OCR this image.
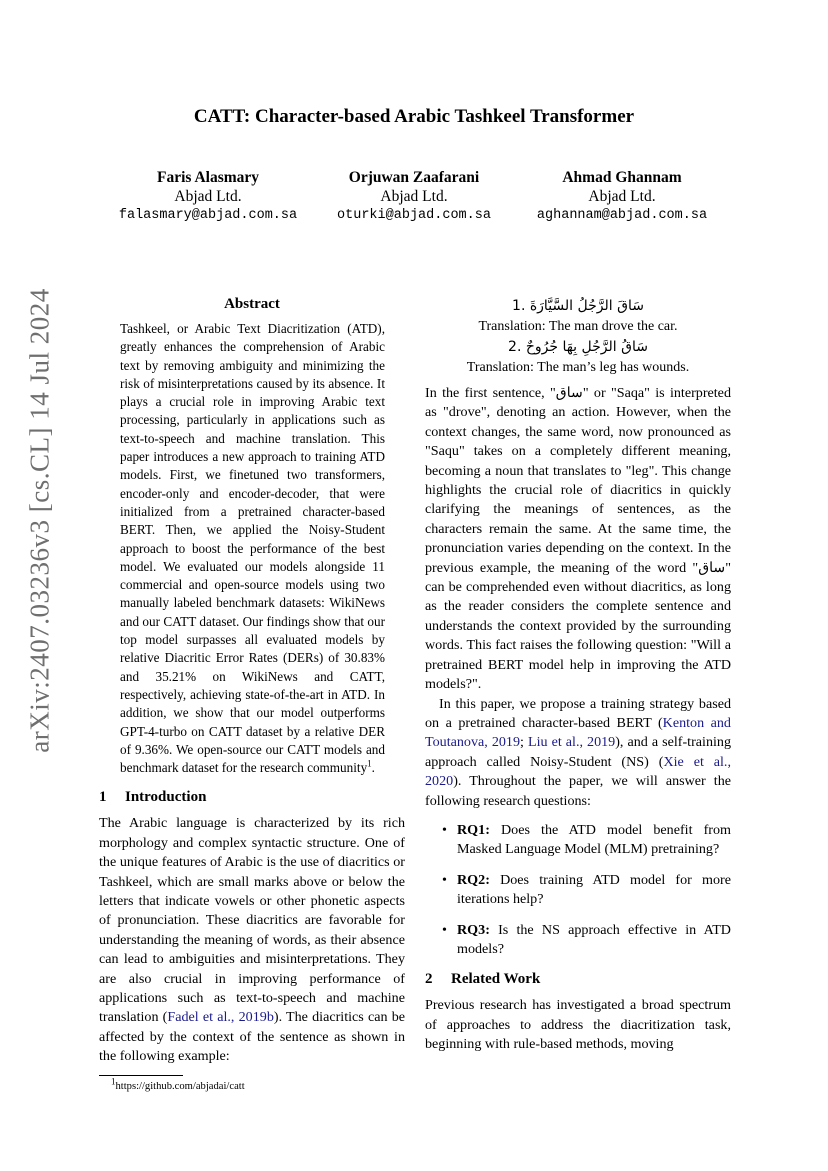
arXiv:2407.03236v3 [cs.CL] 14 Jul 2024
CATT: Character-based Arabic Tashkeel Transformer
Faris Alasmary
Abjad Ltd.
falasmary@abjad.com.sa
Orjuwan Zaafarani
Abjad Ltd.
oturki@abjad.com.sa
Ahmad Ghannam
Abjad Ltd.
aghannam@abjad.com.sa
Abstract

Tashkeel, or Arabic Text Diacritization (ATD), greatly enhances the comprehension of Arabic text by removing ambiguity and minimizing the risk of misinterpretations caused by its absence. It plays a crucial role in improving Arabic text processing, particularly in applications such as text-to-speech and machine translation. This paper introduces a new approach to training ATD models. First, we finetuned two transformers, encoder-only and encoder-decoder, that were initialized from a pretrained character-based BERT. Then, we applied the Noisy-Student approach to boost the performance of the best model. We evaluated our models alongside 11 commercial and open-source models using two manually labeled benchmark datasets: WikiNews and our CATT dataset. Our findings show that our top model surpasses all evaluated models by relative Diacritic Error Rates (DERs) of 30.83% and 35.21% on WikiNews and CATT, respectively, achieving state-of-the-art in ATD. In addition, we show that our model outperforms GPT-4-turbo on CATT dataset by a relative DER of 9.36%. We open-source our CATT models and benchmark dataset for the research community$^1$.

1 Introduction

The Arabic language is characterized by its rich morphology and complex syntactic structure. One of the unique features of Arabic is the use of diacritics or Tashkeel, which are small marks above or below the letters that indicate vowels or other phonetic aspects of pronunciation. These diacritics are favorable for understanding the meaning of words, as their absence can lead to ambiguities and misinterpretations. They are also crucial in improving performance of applications such as text-to-speech and machine translation (Fadel et al., 2019b). The diacritics can be affected by the context of the sentence as shown in the following example:

$^1$https://github.com/abjadai/catt

سَاقَ الرَّجُلُ السَّيَّارَةَ .1

Translation: The man drove the car.

سَاقُ الرَّجُلِ بِهَا جُرُوحٌ .2

Translation: The man’s leg has wounds.

In the first sentence, "ساق" or "Saqa" is interpreted as "drove", denoting an action. However, when the context changes, the same word, now pronounced as "Saqu" takes on a completely different meaning, becoming a noun that translates to "leg". This change highlights the crucial role of diacritics in quickly clarifying the meanings of sentences, as the characters remain the same. At the same time, the pronunciation varies depending on the context. In the previous example, the meaning of the word "ساق" can be comprehended even without diacritics, as long as the reader considers the complete sentence and understands the context provided by the surrounding words. This fact raises the following question: "Will a pretrained BERT model help in improving the ATD models?".

In this paper, we propose a training strategy based on a pretrained character-based BERT (Kenton and Toutanova, 2019; Liu et al., 2019), and a self-training approach called Noisy-Student (NS) (Xie et al., 2020). Throughout the paper, we will answer the following research questions:

• RQ1: Does the ATD model benefit from Masked Language Model (MLM) pretraining?
• RQ2: Does training ATD model for more iterations help?
• RQ3: Is the NS approach effective in ATD models?
2 Related Work

Previous research has investigated a broad spectrum of approaches to address the diacritization task, beginning with rule-based methods, moving
